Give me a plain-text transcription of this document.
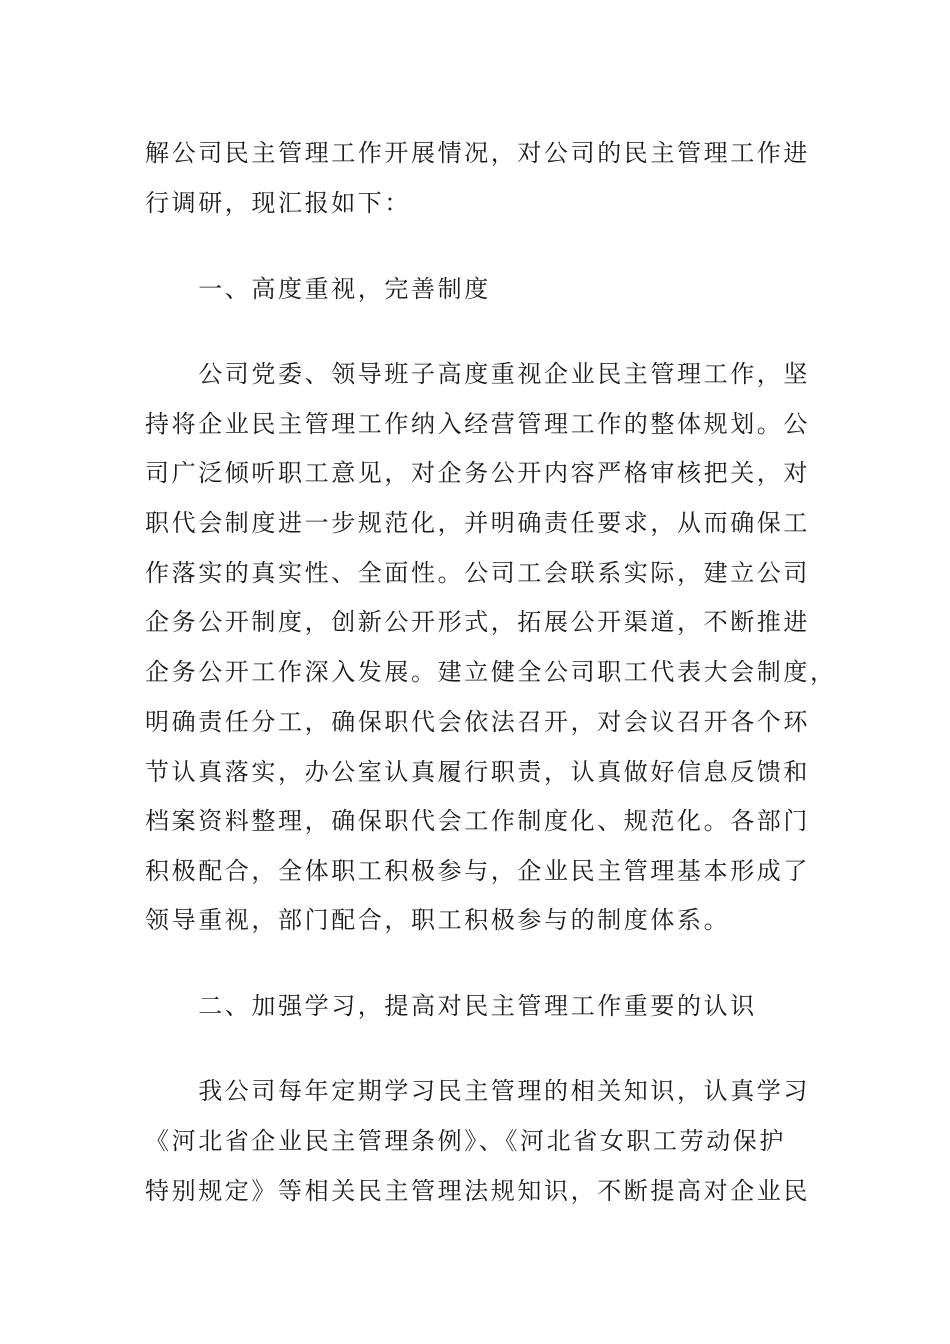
解公司民主管理工作开展情况，对公司的民主管理工作进
行调研，现汇报如下：
　　一、高度重视，完善制度
　　公司党委、领导班子高度重视企业民主管理工作，坚
持将企业民主管理工作纳入经营管理工作的整体规划。公
司广泛倾听职工意见，对企务公开内容严格审核把关，对
职代会制度进一步规范化，并明确责任要求，从而确保工
作落实的真实性、全面性。公司工会联系实际，建立公司
企务公开制度，创新公开形式，拓展公开渠道，不断推进
企务公开工作深入发展。建立健全公司职工代表大会制度，
明确责任分工，确保职代会依法召开，对会议召开各个环
节认真落实，办公室认真履行职责，认真做好信息反馈和
档案资料整理，确保职代会工作制度化、规范化。各部门
积极配合，全体职工积极参与，企业民主管理基本形成了
领导重视，部门配合，职工积极参与的制度体系。
　　二、加强学习，提高对民主管理工作重要的认识
　　我公司每年定期学习民主管理的相关知识，认真学习
《河北省企业民主管理条例》、《河北省女职工劳动保护
特别规定》等相关民主管理法规知识，不断提高对企业民
